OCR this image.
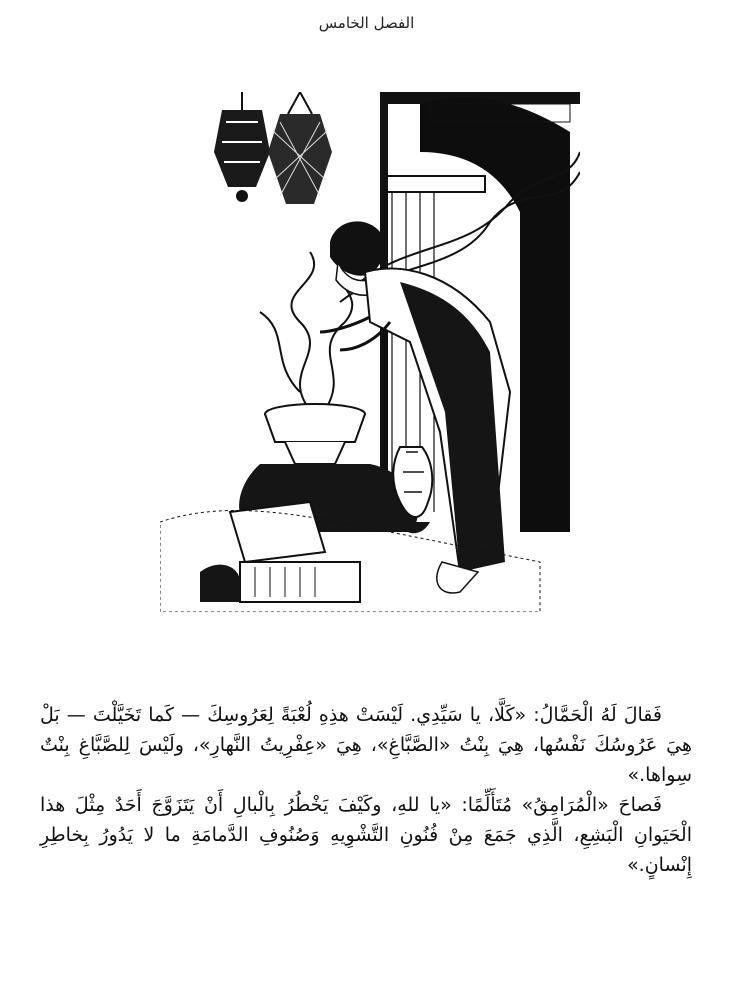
الفصل الخامس

فَقالَ لَهُ الْحَمَّالُ: «كَلَّا، يا سَيِّدِي. لَيْسَتْ هذِهِ لُعْبَةً لِعَرُوسِكَ — كَما تَخَيَّلْتَ — بَلْ هِيَ عَرُوسُكَ نَفْسُها، هِيَ بِنْتُ «الصَّبَّاغِ»، هِيَ «عِفْرِيتُ النَّهارِ»، ولَيْسَ لِلصَّبَّاغِ بِنْتٌ سِواها.»

فَصاحَ «الْمُرَامِقُ» مُتَأَلِّمًا: «يا للهِ، وكَيْفَ يَخْطُرُ بِالْبالِ أَنْ يَتَزَوَّجَ أَحَدٌ مِثْلَ هذا الْحَيَوانِ الْبَشِعِ، الَّذِي جَمَعَ مِنْ فُنُونِ التَّشْوِيهِ وَصُنُوفِ الدَّمامَةِ ما لا يَدُورُ بِخاطِرِ إِنْسانٍ.»
